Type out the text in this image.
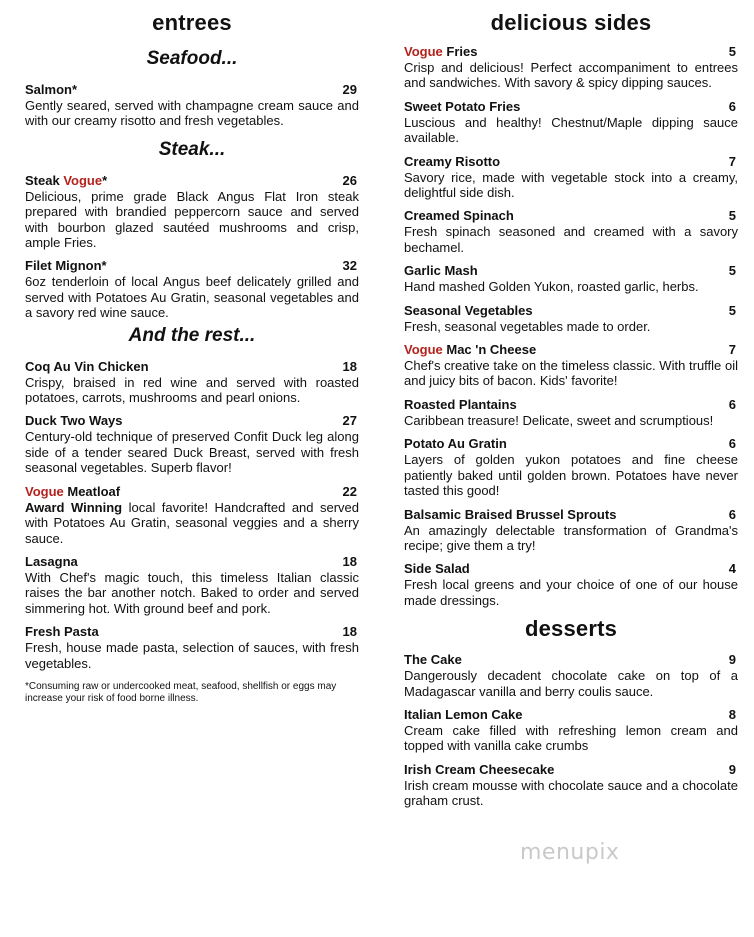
entrees
Seafood...
Salmon*	29
Gently seared, served with champagne cream sauce and with our creamy risotto and fresh vegetables.
Steak...
Steak Vogue*	26
Delicious, prime grade Black Angus Flat Iron steak prepared with brandied peppercorn sauce and served with bourbon glazed sautéed mushrooms and crisp, ample Fries.
Filet Mignon*	32
6oz tenderloin of local Angus beef delicately grilled and served with Potatoes Au Gratin, seasonal vegetables and a savory red wine sauce.
And the rest...
Coq Au Vin Chicken	18
Crispy, braised in red wine and served with roasted potatoes, carrots, mushrooms and pearl onions.
Duck Two Ways	27
Century-old technique of preserved Confit Duck leg along side of a tender seared Duck Breast, served with fresh seasonal vegetables. Superb flavor!
Vogue Meatloaf	22
Award Winning local favorite! Handcrafted and served with Potatoes Au Gratin, seasonal veggies and a sherry sauce.
Lasagna	18
With Chef's magic touch, this timeless Italian classic raises the bar another notch. Baked to order and served simmering hot. With ground beef and pork.
Fresh Pasta	18
Fresh, house made pasta, selection of sauces, with fresh vegetables.
*Consuming raw or undercooked meat, seafood, shellfish or eggs may increase your risk of food borne illness.
delicious sides
Vogue Fries	5
Crisp and delicious! Perfect accompaniment to entrees and sandwiches. With savory & spicy dipping sauces.
Sweet Potato Fries	6
Luscious and healthy! Chestnut/Maple dipping sauce available.
Creamy Risotto	7
Savory rice, made with vegetable stock into a creamy, delightful side dish.
Creamed Spinach	5
Fresh spinach seasoned and creamed with a savory bechamel.
Garlic Mash	5
Hand mashed Golden Yukon, roasted garlic, herbs.
Seasonal Vegetables	5
Fresh, seasonal vegetables made to order.
Vogue Mac 'n Cheese	7
Chef's creative take on the timeless classic. With truffle oil and juicy bits of bacon. Kids' favorite!
Roasted Plantains	6
Caribbean treasure! Delicate, sweet and scrumptious!
Potato Au Gratin	6
Layers of golden yukon potatoes and fine cheese patiently baked until golden brown. Potatoes have never tasted this good!
Balsamic Braised Brussel Sprouts	6
An amazingly delectable transformation of Grandma's recipe; give them a try!
Side Salad	4
Fresh local greens and your choice of one of our house made dressings.
desserts
The Cake	9
Dangerously decadent chocolate cake on top of a Madagascar vanilla and berry coulis sauce.
Italian Lemon Cake	8
Cream cake filled with refreshing lemon cream and topped with vanilla cake crumbs
Irish Cream Cheesecake	9
Irish cream mousse with chocolate sauce and a chocolate graham crust.
menupix
